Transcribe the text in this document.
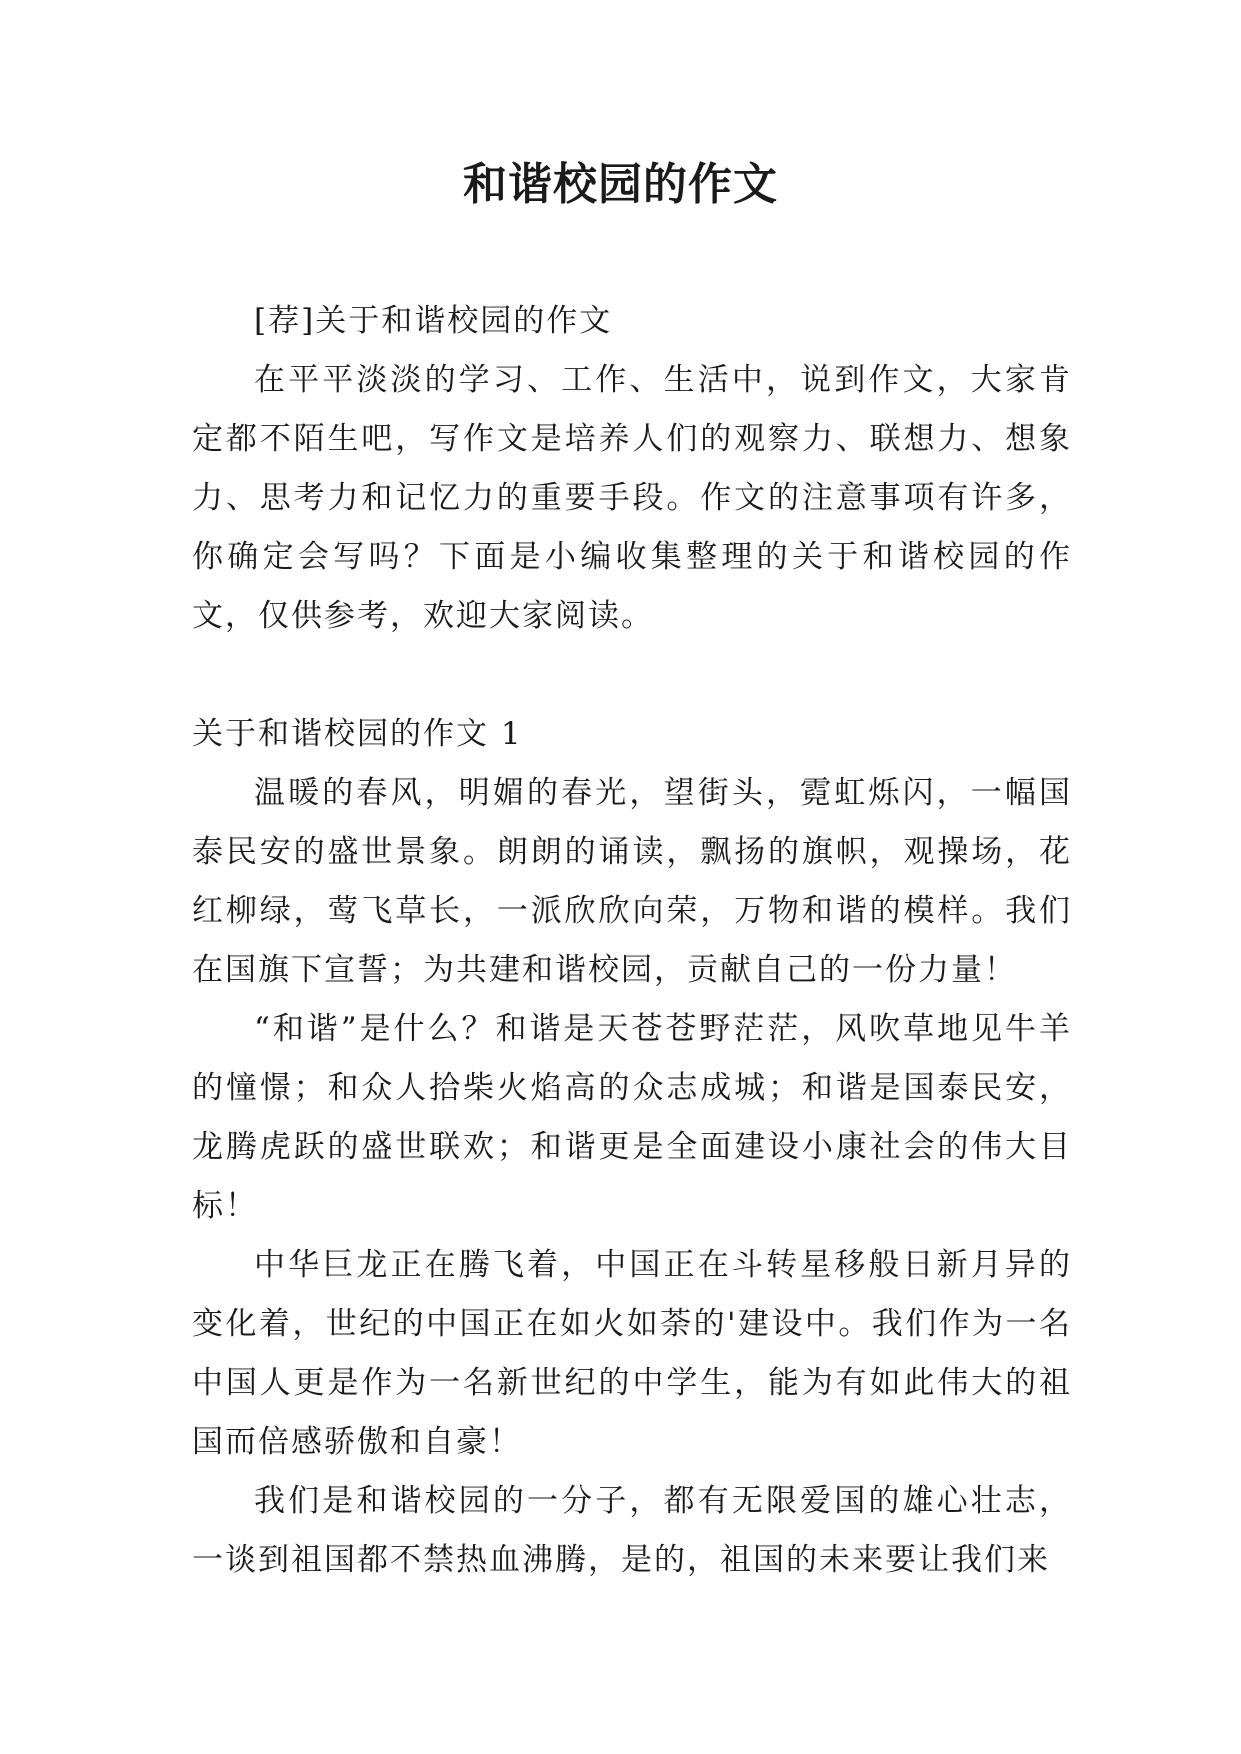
和谐校园的作文

[荐]关于和谐校园的作文

在平平淡淡的学习、工作、生活中，说到作文，大家肯定都不陌生吧，写作文是培养人们的观察力、联想力、想象力、思考力和记忆力的重要手段。作文的注意事项有许多，你确定会写吗？下面是小编收集整理的关于和谐校园的作文，仅供参考，欢迎大家阅读。

关于和谐校园的作文 1

温暖的春风，明媚的春光，望街头，霓虹烁闪，一幅国泰民安的盛世景象。朗朗的诵读，飘扬的旗帜，观操场，花红柳绿，莺飞草长，一派欣欣向荣，万物和谐的模样。我们在国旗下宣誓；为共建和谐校园，贡献自己的一份力量！

“和谐”是什么？和谐是天苍苍野茫茫，风吹草地见牛羊的憧憬；和众人拾柴火焰高的众志成城；和谐是国泰民安，龙腾虎跃的盛世联欢；和谐更是全面建设小康社会的伟大目标！

中华巨龙正在腾飞着，中国正在斗转星移般日新月异的变化着，世纪的中国正在如火如荼的'建设中。我们作为一名中国人更是作为一名新世纪的中学生，能为有如此伟大的祖国而倍感骄傲和自豪！

我们是和谐校园的一分子，都有无限爱国的雄心壮志，一谈到祖国都不禁热血沸腾，是的，祖国的未来要让我们来
